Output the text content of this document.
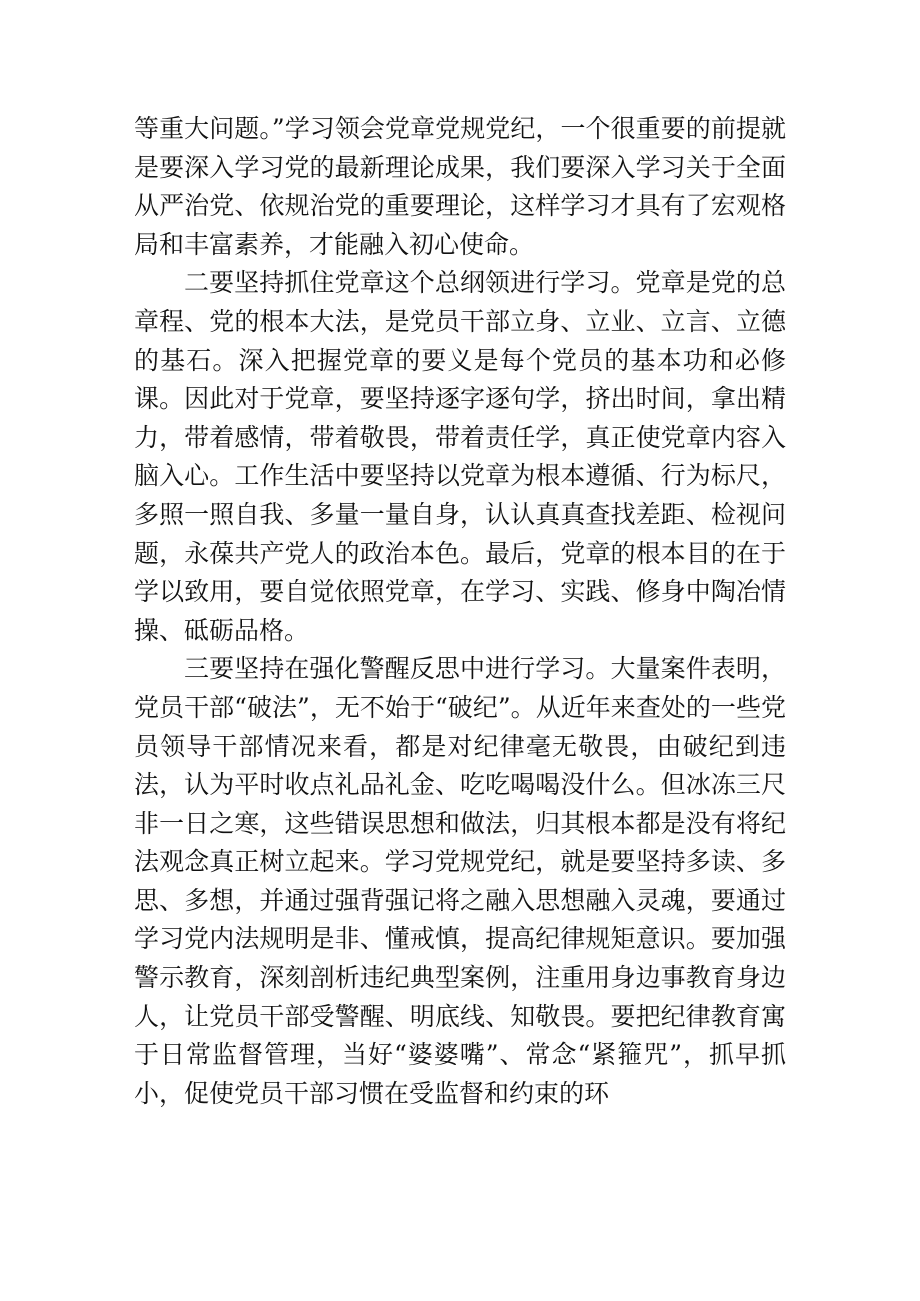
等重大问题。”学习领会党章党规党纪，一个很重要的前提就是要深入学习党的最新理论成果，我们要深入学习关于全面从严治党、依规治党的重要理论，这样学习才具有了宏观格局和丰富素养，才能融入初心使命。

二要坚持抓住党章这个总纲领进行学习。党章是党的总章程、党的根本大法，是党员干部立身、立业、立言、立德的基石。深入把握党章的要义是每个党员的基本功和必修课。因此对于党章，要坚持逐字逐句学，挤出时间，拿出精力，带着感情，带着敬畏，带着责任学，真正使党章内容入脑入心。工作生活中要坚持以党章为根本遵循、行为标尺，多照一照自我、多量一量自身，认认真真查找差距、检视问题，永葆共产党人的政治本色。最后，党章的根本目的在于学以致用，要自觉依照党章，在学习、实践、修身中陶冶情操、砥砺品格。

三要坚持在强化警醒反思中进行学习。大量案件表明，党员干部“破法”，无不始于“破纪”。从近年来查处的一些党员领导干部情况来看，都是对纪律毫无敬畏，由破纪到违法，认为平时收点礼品礼金、吃吃喝喝没什么。但冰冻三尺非一日之寒，这些错误思想和做法，归其根本都是没有将纪法观念真正树立起来。学习党规党纪，就是要坚持多读、多思、多想，并通过强背强记将之融入思想融入灵魂，要通过学习党内法规明是非、懂戒慎，提高纪律规矩意识。要加强警示教育，深刻剖析违纪典型案例，注重用身边事教育身边人，让党员干部受警醒、明底线、知敬畏。要把纪律教育寓于日常监督管理，当好“婆婆嘴”、常念“紧箍咒”，抓早抓小，促使党员干部习惯在受监督和约束的环
